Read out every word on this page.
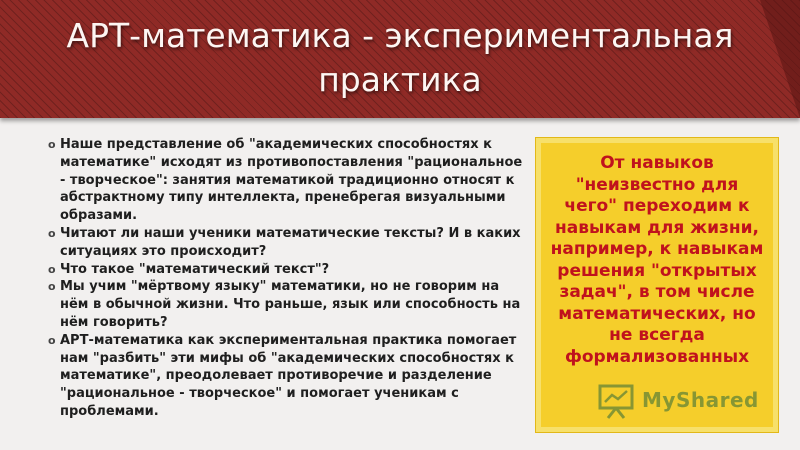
АРТ-математика - экспериментальная
практика
o Наше представление об "академических способностях к математике" исходят из противопоставления "рациональное - творческое": занятия математикой традиционно относят к абстрактному типу интеллекта, пренебрегая визуальными образами.
o Читают ли наши ученики математические тексты? И в каких ситуациях это происходит?
o Что такое "математический текст"?
o Мы учим "мёртвому языку" математики, но не говорим на нём в обычной жизни. Что раньше, язык или способность на нём говорить?
o АРТ-математика как экспериментальная практика помогает нам "разбить" эти мифы об "академических способностях к математике", преодолевает противоречие и разделение "рациональное - творческое" и помогает ученикам с проблемами.

От навыков "неизвестно для чего" переходим к навыкам для жизни, например, к навыкам решения "открытых задач", в том числе математических, но не всегда формализованных

MyShared
